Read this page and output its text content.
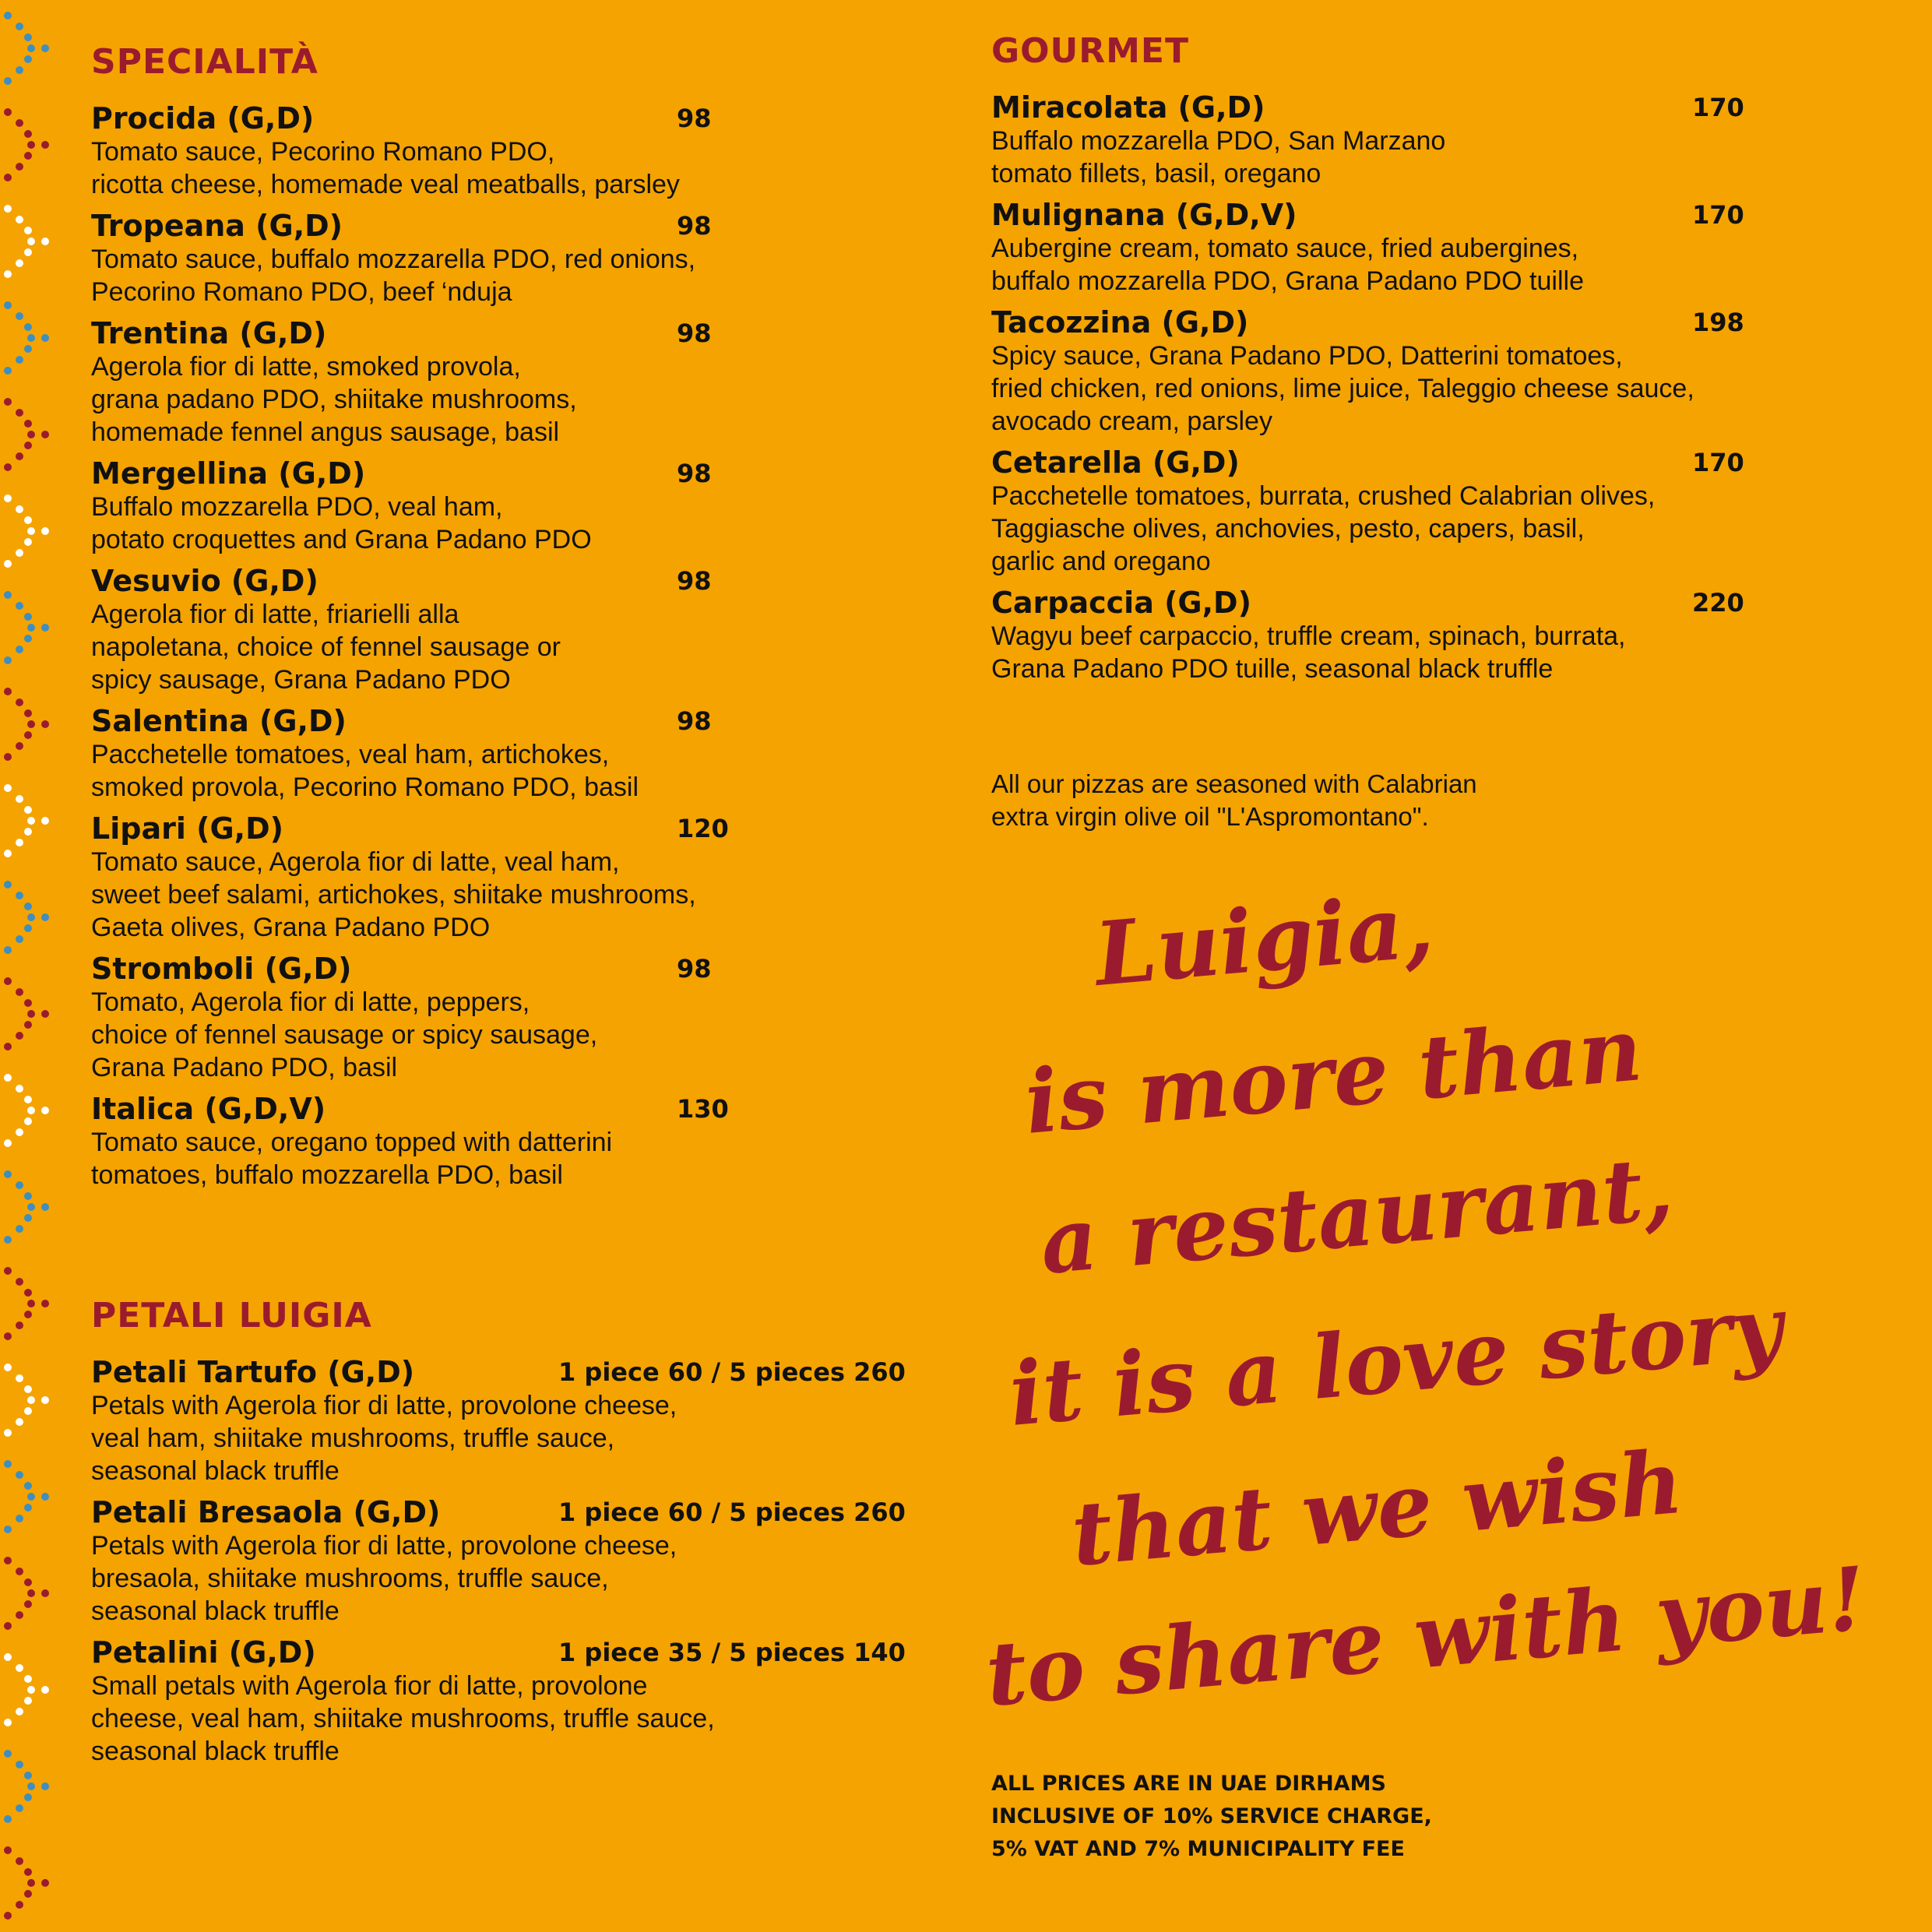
SPECIALITÀ
Procida (G,D)	98
Tomato sauce, Pecorino Romano PDO,
ricotta cheese, homemade veal meatballs, parsley
Tropeana (G,D)	98
Tomato sauce, buffalo mozzarella PDO, red onions,
Pecorino Romano PDO, beef ‘nduja
Trentina (G,D)	98
Agerola fior di latte, smoked provola,
grana padano PDO, shiitake mushrooms,
homemade fennel angus sausage, basil
Mergellina (G,D)	98
Buffalo mozzarella PDO, veal ham,
potato croquettes and Grana Padano PDO
Vesuvio (G,D)	98
Agerola fior di latte, friarielli alla
napoletana, choice of fennel sausage or
spicy sausage, Grana Padano PDO
Salentina (G,D)	98
Pacchetelle tomatoes, veal ham, artichokes,
smoked provola, Pecorino Romano PDO, basil
Lipari (G,D)	120
Tomato sauce, Agerola fior di latte, veal ham,
sweet beef salami, artichokes, shiitake mushrooms,
Gaeta olives, Grana Padano PDO
Stromboli (G,D)	98
Tomato, Agerola fior di latte, peppers,
choice of fennel sausage or spicy sausage,
Grana Padano PDO, basil
Italica (G,D,V)	130
Tomato sauce, oregano topped with datterini
tomatoes, buffalo mozzarella PDO, basil
PETALI LUIGIA
Petali Tartufo (G,D)	1 piece 60 / 5 pieces 260
Petals with Agerola fior di latte, provolone cheese,
veal ham, shiitake mushrooms, truffle sauce,
seasonal black truffle
Petali Bresaola (G,D)	1 piece 60 / 5 pieces 260
Petals with Agerola fior di latte, provolone cheese,
bresaola, shiitake mushrooms, truffle sauce,
seasonal black truffle
Petalini (G,D)	1 piece 35 / 5 pieces 140
Small petals with Agerola fior di latte, provolone
cheese, veal ham, shiitake mushrooms, truffle sauce,
seasonal black truffle
GOURMET
Miracolata (G,D)	170
Buffalo mozzarella PDO, San Marzano
tomato fillets, basil, oregano
Mulignana (G,D,V)	170
Aubergine cream, tomato sauce, fried aubergines,
buffalo mozzarella PDO, Grana Padano PDO tuille
Tacozzina (G,D)	198
Spicy sauce, Grana Padano PDO, Datterini tomatoes,
fried chicken, red onions, lime juice, Taleggio cheese sauce,
avocado cream, parsley
Cetarella (G,D)	170
Pacchetelle tomatoes, burrata, crushed Calabrian olives,
Taggiasche olives, anchovies, pesto, capers, basil,
garlic and oregano
Carpaccia (G,D)	220
Wagyu beef carpaccio, truffle cream, spinach, burrata,
Grana Padano PDO tuille, seasonal black truffle
All our pizzas are seasoned with Calabrian
extra virgin olive oil "L'Aspromontano".
Luigia,
is more than
a restaurant,
it is a love story
that we wish
to share with you!
ALL PRICES ARE IN UAE DIRHAMS
INCLUSIVE OF 10% SERVICE CHARGE,
5% VAT AND 7% MUNICIPALITY FEE
